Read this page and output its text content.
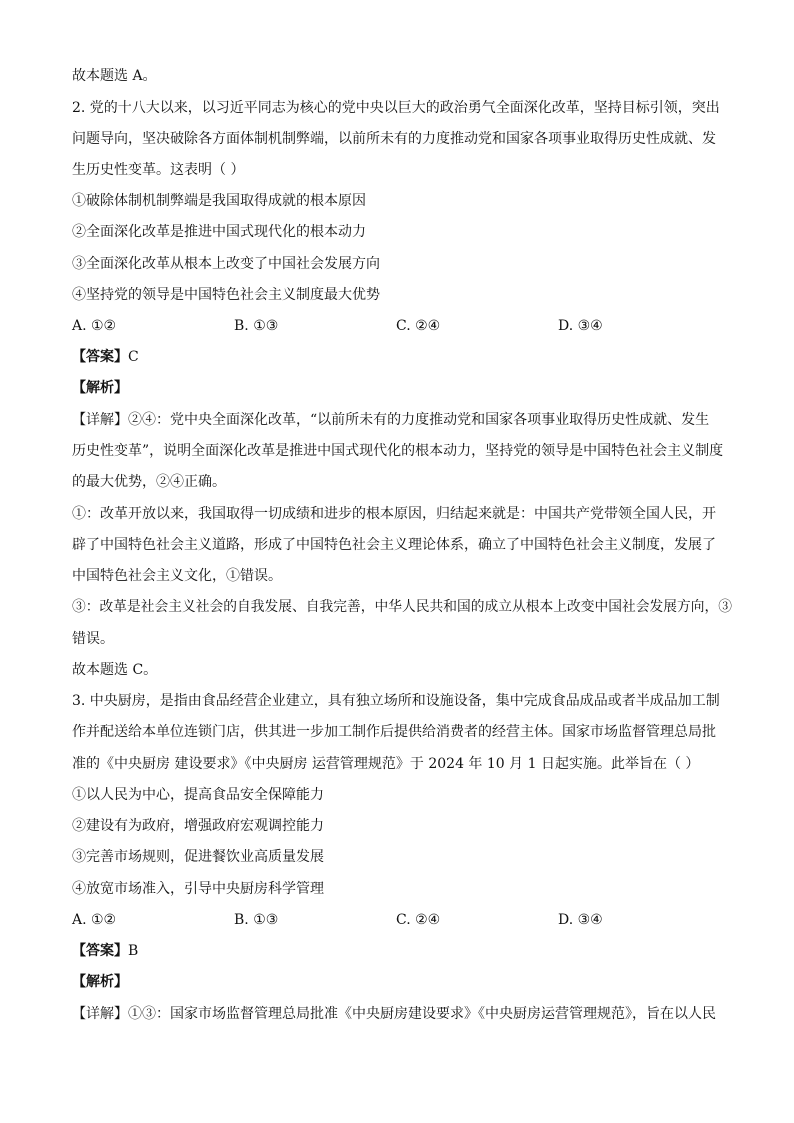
故本题选 A。
2. 党的十八大以来，以习近平同志为核心的党中央以巨大的政治勇气全面深化改革，坚持目标引领，突出
问题导向，坚决破除各方面体制机制弊端，以前所未有的力度推动党和国家各项事业取得历史性成就、发
生历史性变革。这表明（ ）
①破除体制机制弊端是我国取得成就的根本原因
②全面深化改革是推进中国式现代化的根本动力
③全面深化改革从根本上改变了中国社会发展方向
④坚持党的领导是中国特色社会主义制度最大优势
A. ①②	B. ①③	C. ②④	D. ③④
【答案】C
【解析】
【详解】②④：党中央全面深化改革，“以前所未有的力度推动党和国家各项事业取得历史性成就、发生
历史性变革”，说明全面深化改革是推进中国式现代化的根本动力，坚持党的领导是中国特色社会主义制度
的最大优势，②④正确。
①：改革开放以来，我国取得一切成绩和进步的根本原因，归结起来就是：中国共产党带领全国人民，开
辟了中国特色社会主义道路，形成了中国特色社会主义理论体系，确立了中国特色社会主义制度，发展了
中国特色社会主义文化，①错误。
③：改革是社会主义社会的自我发展、自我完善，中华人民共和国的成立从根本上改变中国社会发展方向，③
错误。
故本题选 C。
3. 中央厨房，是指由食品经营企业建立，具有独立场所和设施设备，集中完成食品成品或者半成品加工制
作并配送给本单位连锁门店，供其进一步加工制作后提供给消费者的经营主体。国家市场监督管理总局批
准的《中央厨房 建设要求》《中央厨房 运营管理规范》于 2024 年 10 月 1 日起实施。此举旨在（ ）
①以人民为中心，提高食品安全保障能力
②建设有为政府，增强政府宏观调控能力
③完善市场规则，促进餐饮业高质量发展
④放宽市场准入，引导中央厨房科学管理
A. ①②	B. ①③	C. ②④	D. ③④
【答案】B
【解析】
【详解】①③：国家市场监督管理总局批准《中央厨房建设要求》《中央厨房运营管理规范》，旨在以人民
